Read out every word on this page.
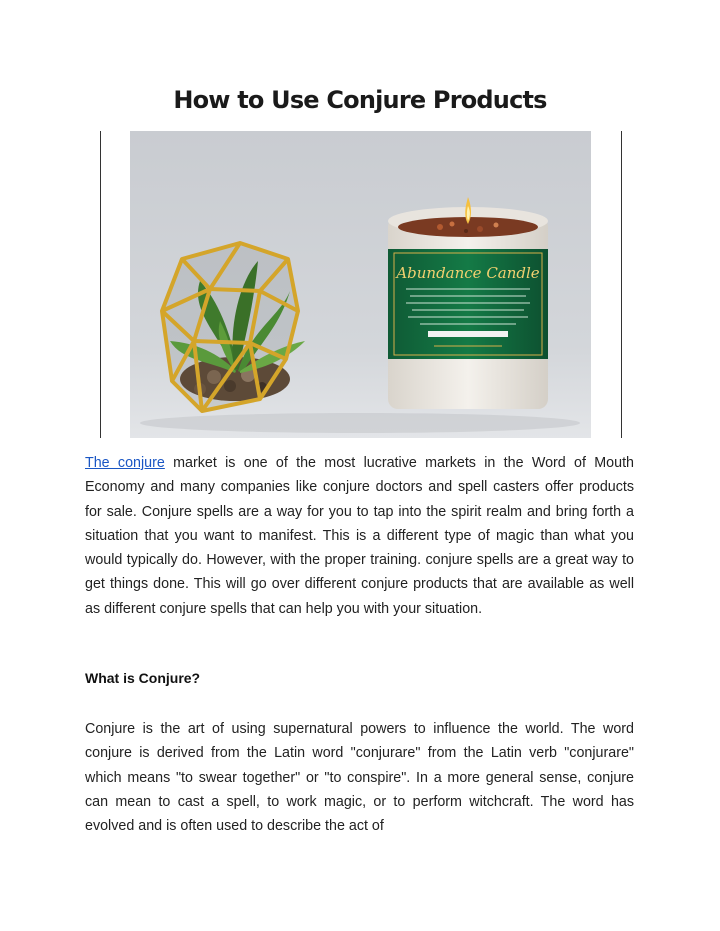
How to Use Conjure Products
Abundance Candle

The conjure market is one of the most lucrative markets in the Word of Mouth Economy and many companies like conjure doctors and spell casters offer products for sale. Conjure spells are a way for you to tap into the spirit realm and bring forth a situation that you want to manifest. This is a different type of magic than what you would typically do. However, with the proper training. conjure spells are a great way to get things done. This will go over different conjure products that are available as well as different conjure spells that can help you with your situation.

What is Conjure?

Conjure is the art of using supernatural powers to influence the world. The word conjure is derived from the Latin word "conjurare" from the Latin verb "conjurare" which means "to swear together" or "to conspire". In a more general sense, conjure can mean to cast a spell, to work magic, or to perform witchcraft. The word has evolved and is often used to describe the act of
